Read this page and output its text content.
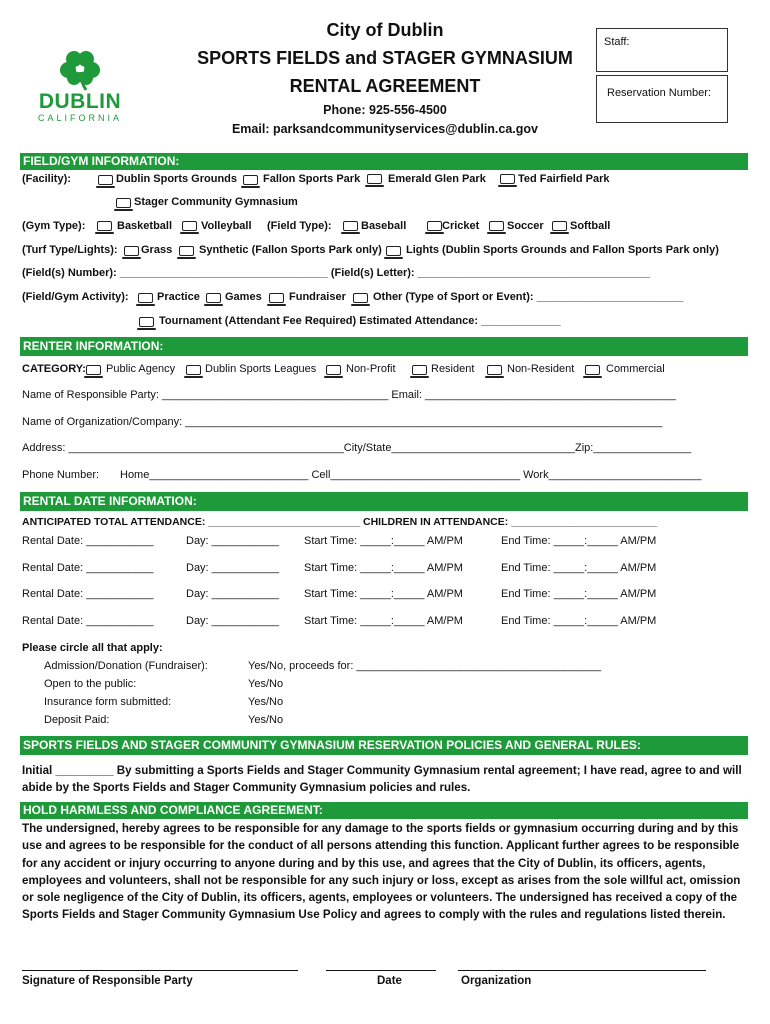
DUBLIN
CALIFORNIA
City of Dublin
SPORTS FIELDS and STAGER GYMNASIUM
RENTAL AGREEMENT
Phone: 925-556-4500
Email: parksandcommunityservices@dublin.ca.gov
Staff:
Reservation Number:
FIELD/GYM INFORMATION:
(Facility):	Dublin Sports Grounds Fallon Sports Park	Emerald Glen Park	Ted Fairfield Park
Stager Community Gymnasium
(Gym Type):	Basketball	Volleyball (Field Type):	Baseball	Cricket	Soccer Softball
(Turf Type/Lights): Grass Synthetic (Fallon Sports Park only) Lights (Dublin Sports Grounds and Fallon Sports Park only)
(Field(s) Number): __________________________________ (Field(s) Letter): ______________________________________
(Field/Gym Activity):	Practice Games Fundraiser Other (Type of Sport or Event): ________________________
Tournament (Attendant Fee Required) Estimated Attendance: _____________
RENTER INFORMATION:
CATEGORY: Public Agency	Dublin Sports Leagues	Non-Profit	Resident	Non-Resident	Commercial
Name of Responsible Party: _____________________________________ Email: _________________________________________
Name of Organization/Company: ______________________________________________________________________________
Address: _____________________________________________City/State______________________________Zip:________________
Phone Number: Home__________________________ Cell_______________________________ Work_________________________
RENTAL DATE INFORMATION:
ANTICIPATED TOTAL ATTENDANCE: __________________________ CHILDREN IN ATTENDANCE: _________________________
Rental Date: ___________	Day: ___________ Start Time: _____:_____ AM/PM	End Time: _____:_____ AM/PM
Rental Date: ___________	Day: ___________ Start Time: _____:_____ AM/PM	End Time: _____:_____ AM/PM
Rental Date: ___________	Day: ___________ Start Time: _____:_____ AM/PM	End Time: _____:_____ AM/PM
Rental Date: ___________	Day: ___________ Start Time: _____:_____ AM/PM	End Time: _____:_____ AM/PM
Please circle all that apply:
Admission/Donation (Fundraiser):	Yes/No, proceeds for: ________________________________________
Open to the public:	Yes/No
Insurance form submitted:	Yes/No
Deposit Paid:	Yes/No
SPORTS FIELDS AND STAGER COMMUNITY GYMNASIUM RESERVATION POLICIES AND GENERAL RULES:
Initial _________ By submitting a Sports Fields and Stager Community Gymnasium rental agreement; I have read, agree to and will abide by the Sports Fields and Stager Community Gymnasium policies and rules.
HOLD HARMLESS AND COMPLIANCE AGREEMENT:
The undersigned, hereby agrees to be responsible for any damage to the sports fields or gymnasium occurring during and by this use and agrees to be responsible for the conduct of all persons attending this function. Applicant further agrees to be responsible for any accident or injury occurring to anyone during and by this use, and agrees that the City of Dublin, its officers, agents, employees and volunteers, shall not be responsible for any such injury or loss, except as arises from the sole willful act, omission or sole negligence of the City of Dublin, its officers, agents, employees or volunteers. The undersigned has received a copy of the Sports Fields and Stager Community Gymnasium Use Policy and agrees to comply with the rules and regulations listed therein.
Signature of Responsible Party	Date	Organization
